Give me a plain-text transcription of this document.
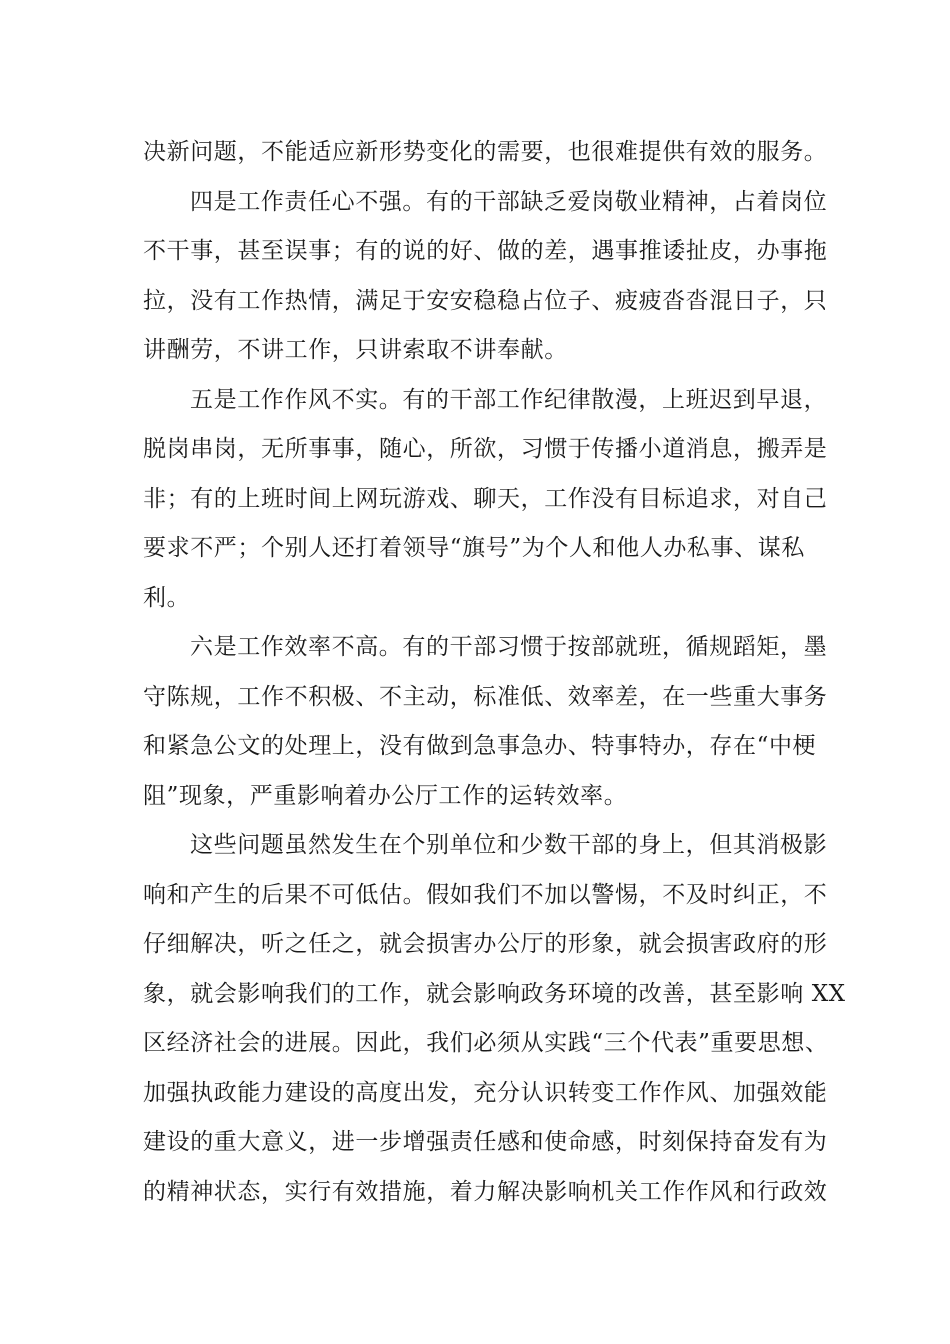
决新问题，不能适应新形势变化的需要，也很难提供有效的服务。
四是工作责任心不强。有的干部缺乏爱岗敬业精神，占着岗位
不干事，甚至误事；有的说的好、做的差，遇事推诿扯皮，办事拖
拉，没有工作热情，满足于安安稳稳占位子、疲疲沓沓混日子，只
讲酬劳，不讲工作，只讲索取不讲奉献。
五是工作作风不实。有的干部工作纪律散漫，上班迟到早退，
脱岗串岗，无所事事，随心，所欲，习惯于传播小道消息，搬弄是
非；有的上班时间上网玩游戏、聊天，工作没有目标追求，对自己
要求不严；个别人还打着领导“旗号”为个人和他人办私事、谋私
利。
六是工作效率不高。有的干部习惯于按部就班，循规蹈矩，墨
守陈规，工作不积极、不主动，标准低、效率差，在一些重大事务
和紧急公文的处理上，没有做到急事急办、特事特办，存在“中梗
阻”现象，严重影响着办公厅工作的运转效率。
这些问题虽然发生在个别单位和少数干部的身上，但其消极影
响和产生的后果不可低估。假如我们不加以警惕，不及时纠正，不
仔细解决，听之任之，就会损害办公厅的形象，就会损害政府的形
象，就会影响我们的工作，就会影响政务环境的改善，甚至影响 XX
区经济社会的进展。因此，我们必须从实践“三个代表”重要思想、
加强执政能力建设的高度出发，充分认识转变工作作风、加强效能
建设的重大意义，进一步增强责任感和使命感，时刻保持奋发有为
的精神状态，实行有效措施，着力解决影响机关工作作风和行政效
